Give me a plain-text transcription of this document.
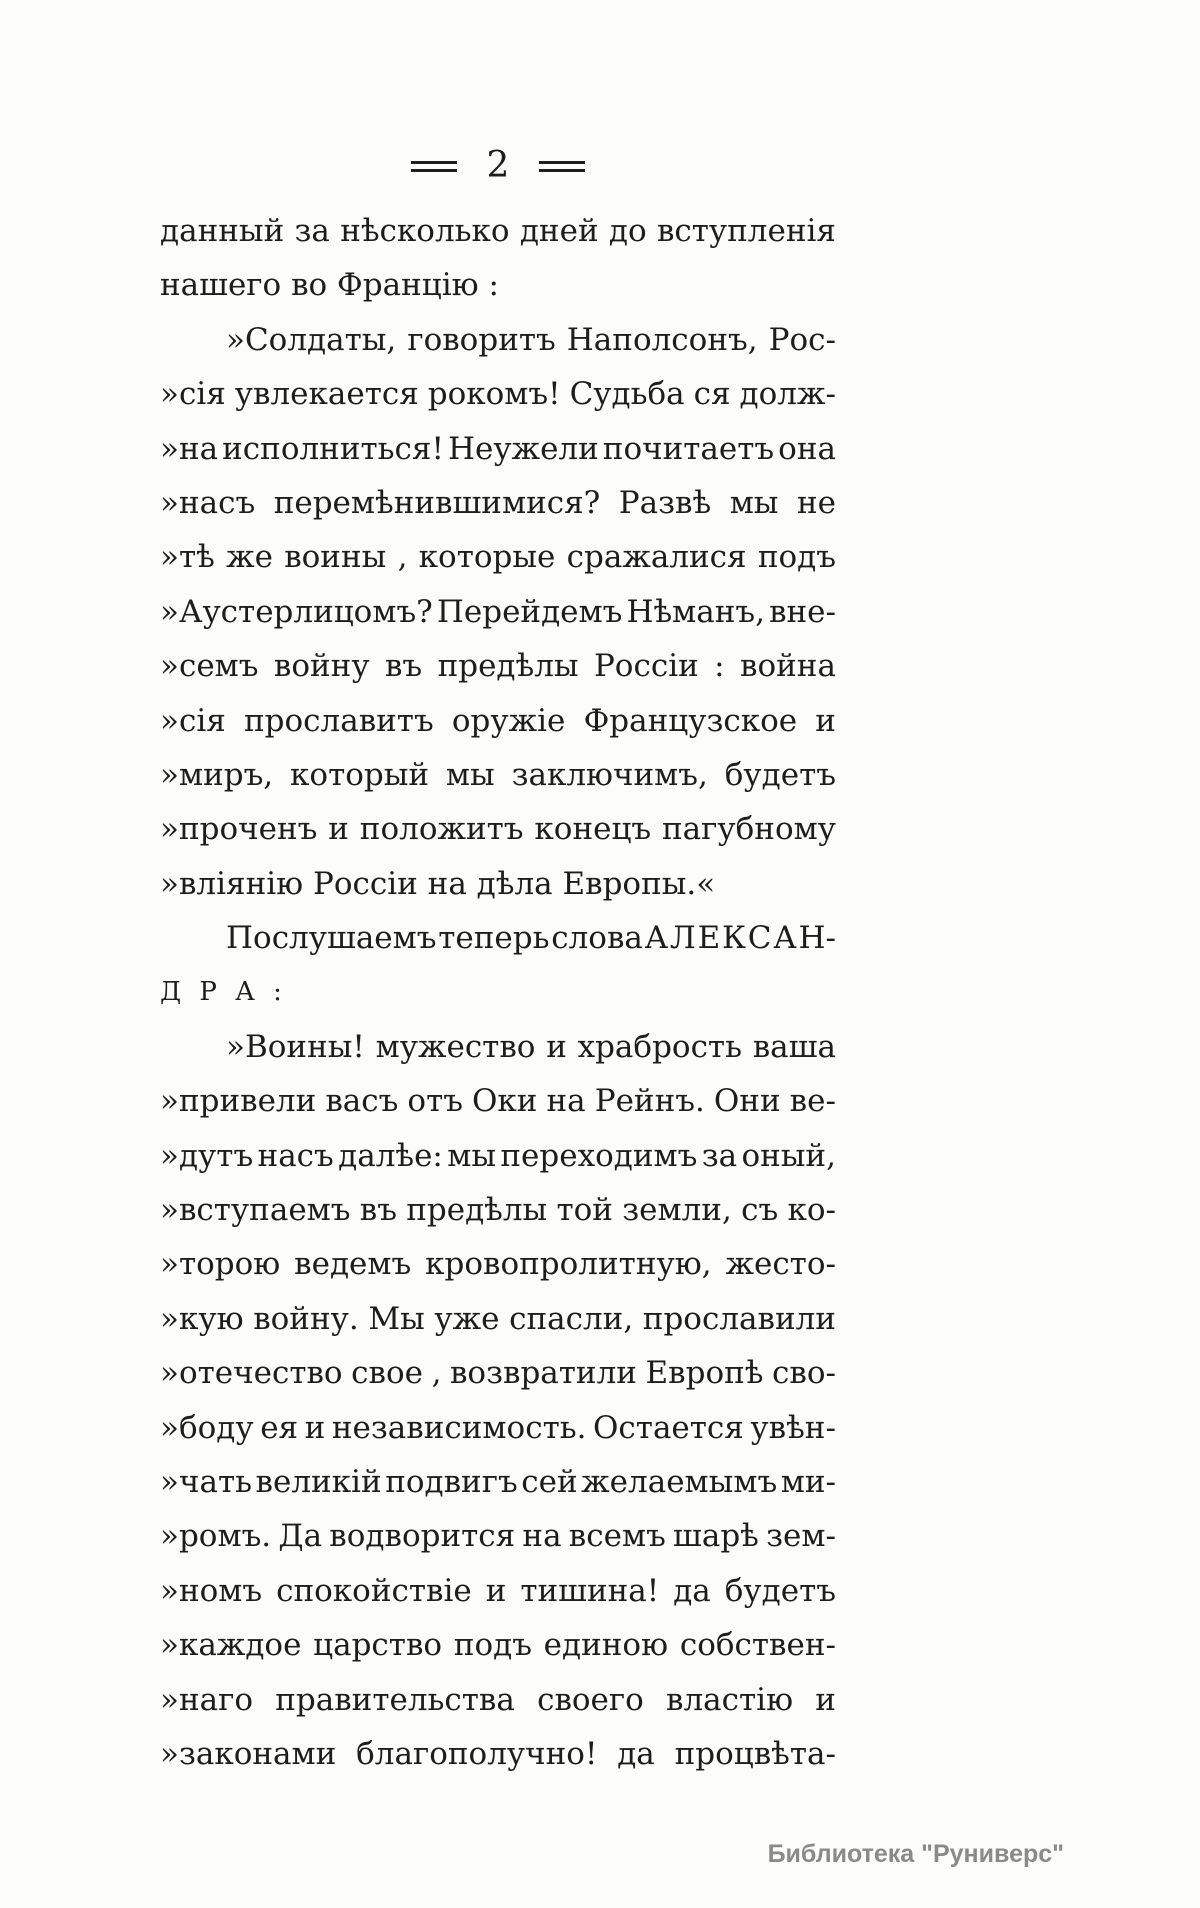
2
данный за нѣсколько дней до вступленія
нашего во Францію :
»Солдаты, говоритъ Наполсонъ, Рос-
»сія увлекается рокомъ! Судьба ся долж-
»на исполниться! Неужели почитаетъ она
»насъ перемѣнившимися? Развѣ мы не
»тѣ же воины , которые сражалися подъ
»Аустерлицомъ? Перейдемъ Нѣманъ, вне-
»семъ войну въ предѣлы Россіи : война
»сія прославитъ оружіе Французское и
»миръ, который мы заключимъ, будетъ
»проченъ и положитъ конецъ пагубному
»вліянію Россіи на дѣла Европы.«
Послушаемъ теперь слова А Л Е К С А Н-
Д Р А :
»Воины! мужество и храбрость ваша
»привели васъ отъ Оки на Рейнъ. Они ве-
»дутъ насъ далѣе: мы переходимъ за оный,
»вступаемъ въ предѣлы той земли, съ ко-
»торою ведемъ кровопролитную, жесто-
»кую войну. Мы уже спасли, прославили
»отечество свое , возвратили Европѣ сво-
»боду ея и независимость. Остается увѣн-
»чать великій подвигъ сей желаемымъ ми-
»ромъ. Да водворится на всемъ шарѣ зем-
»номъ спокойствіе и тишина! да будетъ
»каждое царство подъ единою собствен-
»наго правительства своего властію и
»законами благополучно! да процвѣта-
Библиотека "Руниверс"
